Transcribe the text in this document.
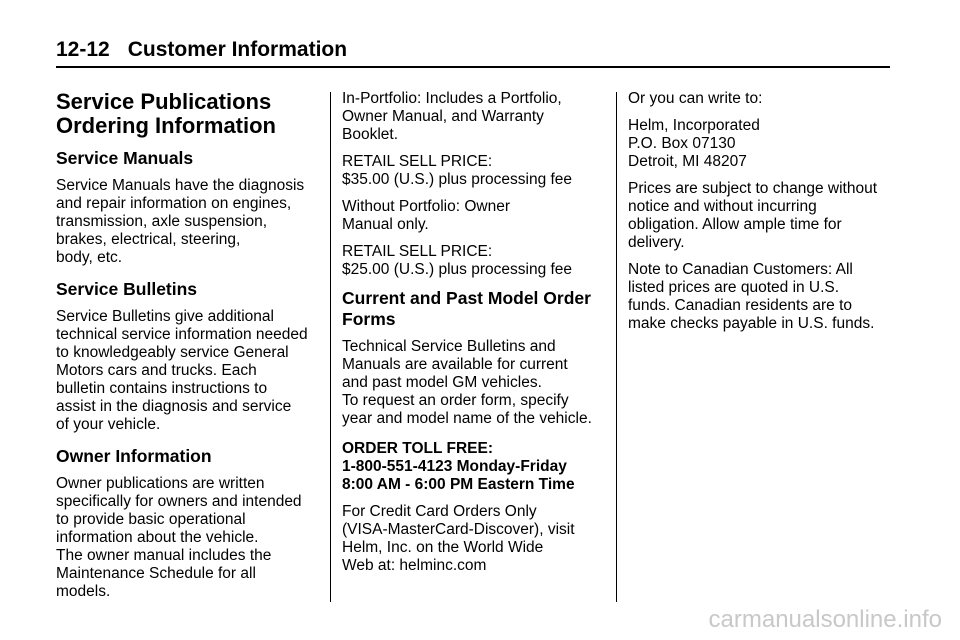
12-12 Customer Information
Service Publications
Ordering Information
Service Manuals

Service Manuals have the diagnosis
and repair information on engines,
transmission, axle suspension,
brakes, electrical, steering,
body, etc.

Service Bulletins

Service Bulletins give additional
technical service information needed
to knowledgeably service General
Motors cars and trucks. Each
bulletin contains instructions to
assist in the diagnosis and service
of your vehicle.

Owner Information

Owner publications are written
specifically for owners and intended
to provide basic operational
information about the vehicle.
The owner manual includes the
Maintenance Schedule for all
models.

In-Portfolio: Includes a Portfolio,
Owner Manual, and Warranty
Booklet.

RETAIL SELL PRICE:
$35.00 (U.S.) plus processing fee

Without Portfolio: Owner
Manual only.

RETAIL SELL PRICE:
$25.00 (U.S.) plus processing fee

Current and Past Model Order
Forms

Technical Service Bulletins and
Manuals are available for current
and past model GM vehicles.
To request an order form, specify
year and model name of the vehicle.

ORDER TOLL FREE:
1-800-551-4123 Monday-Friday
8:00 AM - 6:00 PM Eastern Time

For Credit Card Orders Only
(VISA-MasterCard-Discover), visit
Helm, Inc. on the World Wide
Web at: helminc.com

Or you can write to:

Helm, Incorporated
P.O. Box 07130
Detroit, MI 48207

Prices are subject to change without
notice and without incurring
obligation. Allow ample time for
delivery.

Note to Canadian Customers: All
listed prices are quoted in U.S.
funds. Canadian residents are to
make checks payable in U.S. funds.

carmanualsonline.info
